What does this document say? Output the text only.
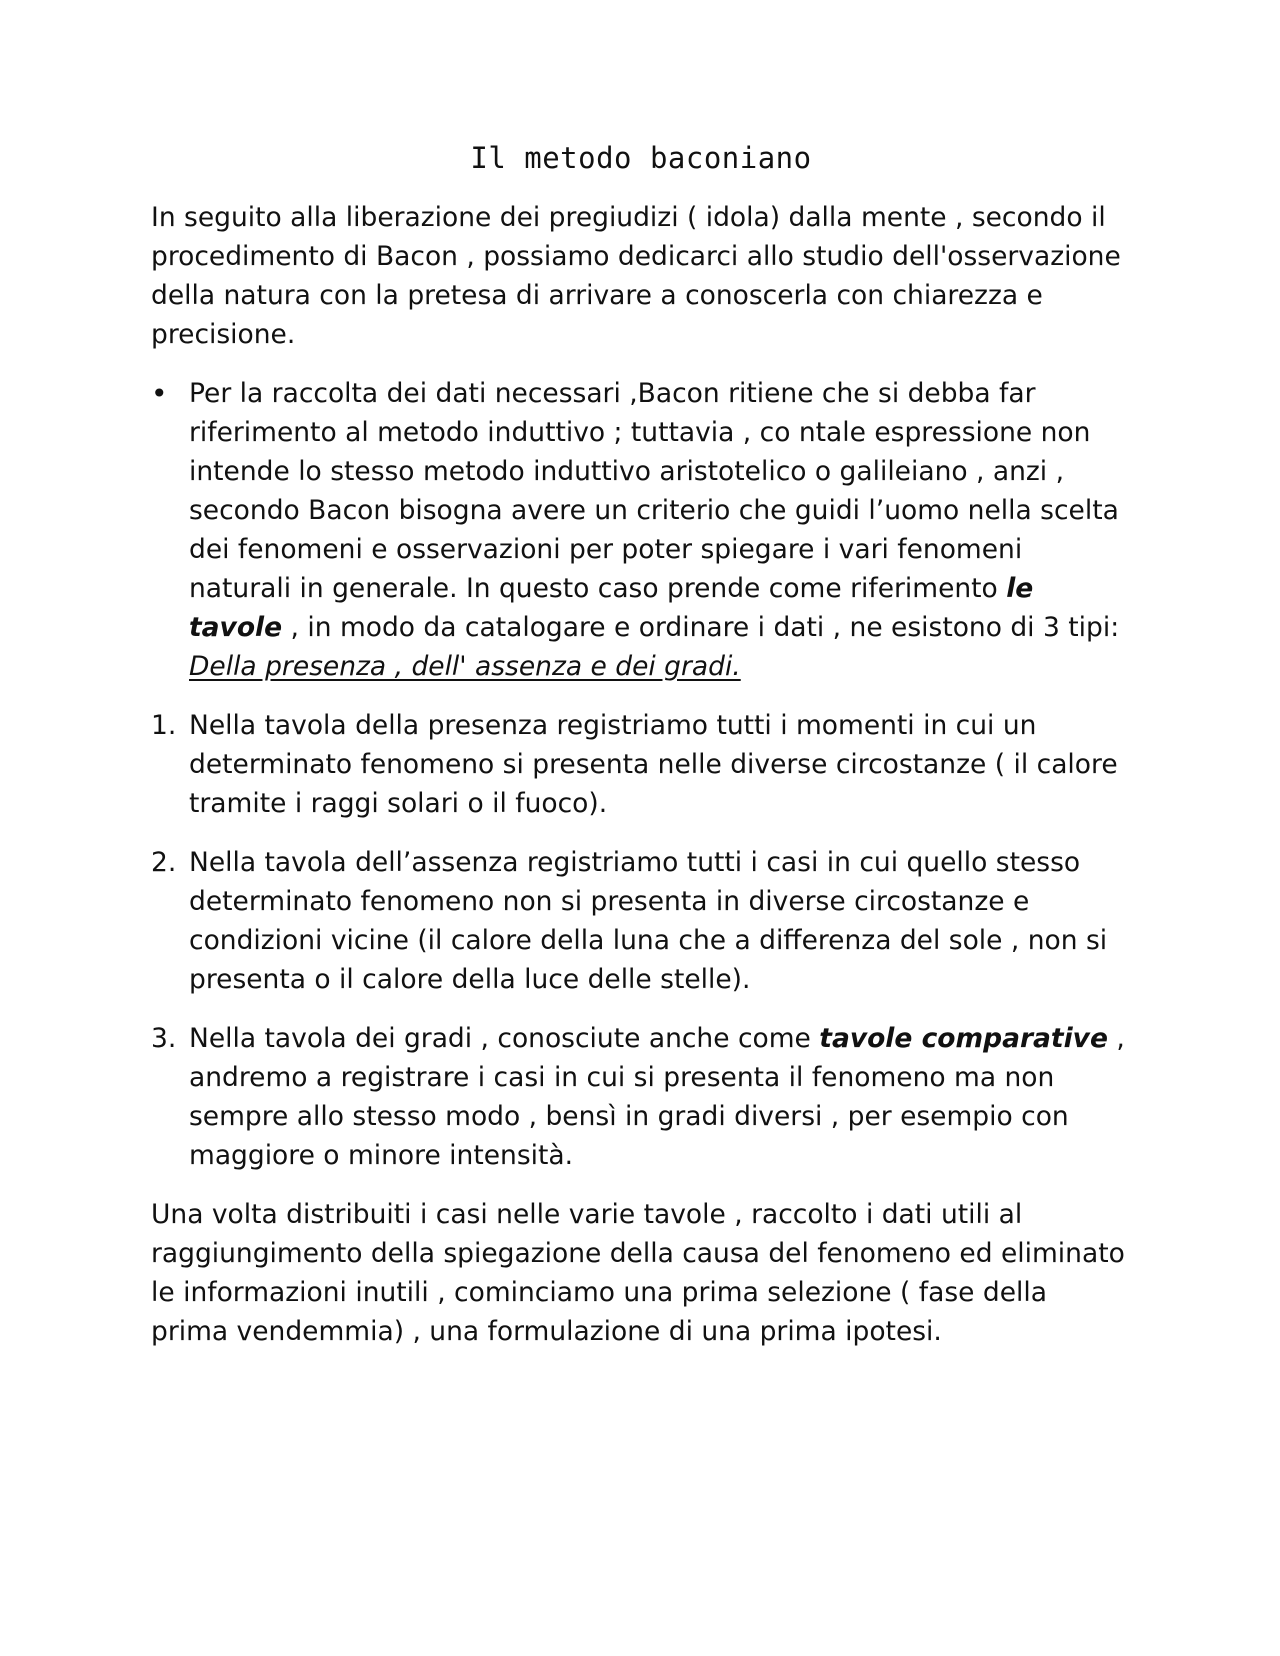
Il metodo baconiano

In seguito alla liberazione dei pregiudizi ( idola) dalla mente , secondo il procedimento di Bacon , possiamo dedicarci allo studio dell'osservazione della natura con la pretesa di arrivare a conoscerla con chiarezza e precisione.

• Per la raccolta dei dati necessari ,Bacon ritiene che si debba far riferimento al metodo induttivo ; tuttavia , co ntale espressione non intende lo stesso metodo induttivo aristotelico o galileiano , anzi , secondo Bacon bisogna avere un criterio che guidi l’uomo nella scelta dei fenomeni e osservazioni per poter spiegare i vari fenomeni naturali in generale. In questo caso prende come riferimento le tavole , in modo da catalogare e ordinare i dati , ne esistono di 3 tipi: Della presenza , dell' assenza e dei gradi.
1. Nella tavola della presenza registriamo tutti i momenti in cui un determinato fenomeno si presenta nelle diverse circostanze ( il calore tramite i raggi solari o il fuoco).
2. Nella tavola dell’assenza registriamo tutti i casi in cui quello stesso determinato fenomeno non si presenta in diverse circostanze e condizioni vicine (il calore della luna che a differenza del sole , non si presenta o il calore della luce delle stelle).
3. Nella tavola dei gradi , conosciute anche come tavole comparative , andremo a registrare i casi in cui si presenta il fenomeno ma non sempre allo stesso modo , bensì in gradi diversi , per esempio con maggiore o minore intensità.

Una volta distribuiti i casi nelle varie tavole , raccolto i dati utili al raggiungimento della spiegazione della causa del fenomeno ed eliminato le informazioni inutili , cominciamo una prima selezione ( fase della prima vendemmia) , una formulazione di una prima ipotesi.
